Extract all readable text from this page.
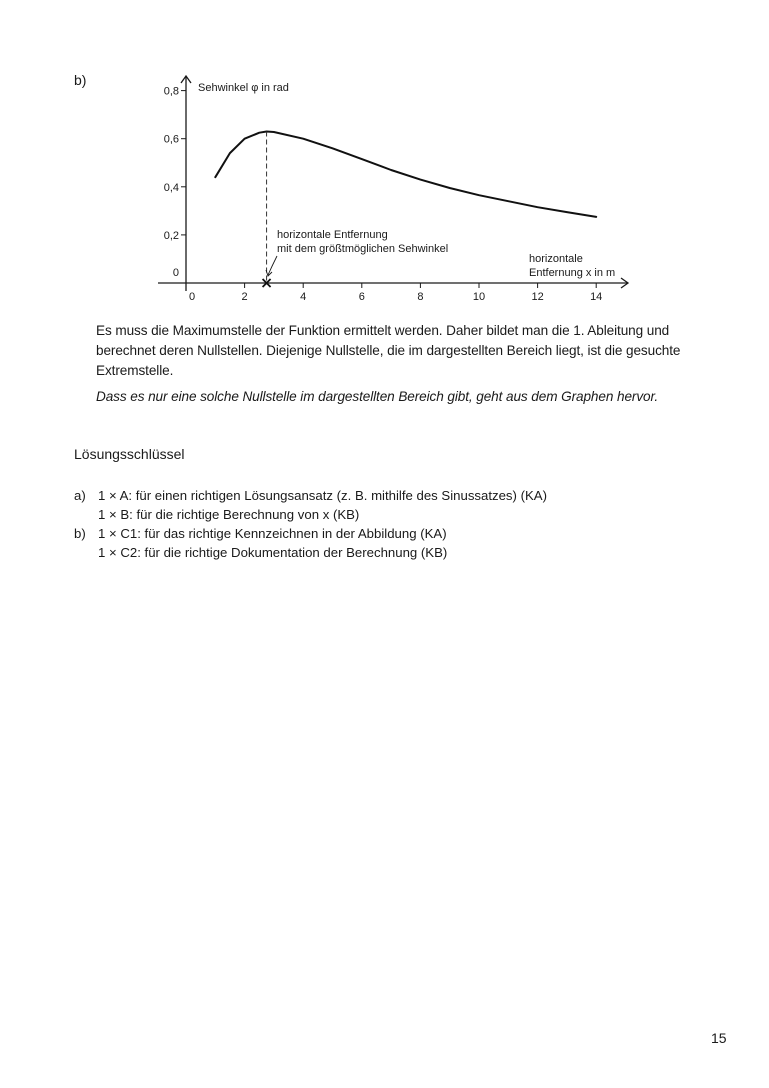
b)
0	2	4	6	8	10	12	14
0
0,2
0,4
0,6
0,8 Sehwinkel φ in rad
horizontale
Entfernung x in m
horizontale Entfernung
mit dem größtmöglichen Sehwinkel
Es muss die Maximumstelle der Funktion ermittelt werden. Daher bildet man die 1. Ableitung und berechnet deren Nullstellen. Diejenige Nullstelle, die im dargestellten Bereich liegt, ist die gesuchte Extremstelle.
Dass es nur eine solche Nullstelle im dargestellten Bereich gibt, geht aus dem Graphen hervor.
Lösungsschlüssel
a) 1 × A: für einen richtigen Lösungsansatz (z. B. mithilfe des Sinussatzes) (KA)
1 × B: für die richtige Berechnung von x (KB)
b) 1 × C1: für das richtige Kennzeichnen in der Abbildung (KA)
1 × C2: für die richtige Dokumentation der Berechnung (KB)
15
